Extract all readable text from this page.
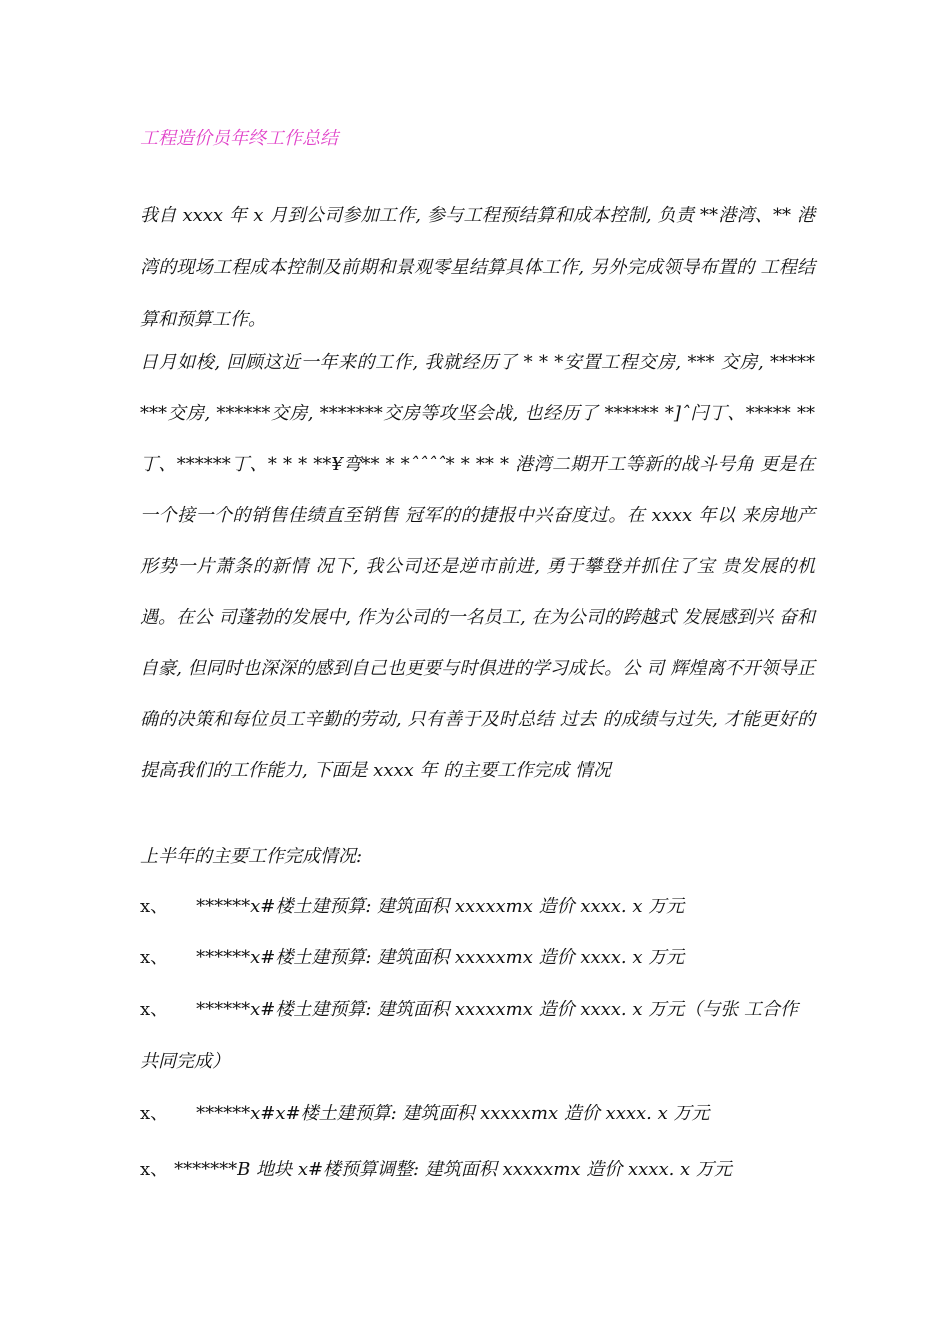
工程造价员年终工作总结
我自 xxxx 年 x 月到公司参加工作, 参与工程预结算和成本控制, 负责 **港湾、** 港湾的现场工程成本控制及前期和景观零星结算具体工作, 另外完成领导布置的 工程结算和预算工作。
日月如梭, 回顾这近一年来的工作, 我就经历了 * * *安置工程交房, *** 交房, ***** ***交房, ******交房, *******交房等攻坚会战, 也经历了 ****** *]ˆ闩丁、***** **丁、******丁、* * * **¥弯** * *ˆˆˆˆ* * ** * 港湾二期开工等新的战斗号角 更是在一个接一个的销售佳绩直至销售 冠军的的捷报中兴奋度过。在 xxxx 年以 来房地产形势一片萧条的新情 况下, 我公司还是逆市前进, 勇于攀登并抓住了宝 贵发展的机遇。在公 司蓬勃的发展中, 作为公司的一名员工, 在为公司的跨越式 发展感到兴 奋和自豪, 但同时也深深的感到自己也更要与时俱进的学习成长。公 司 辉煌离不开领导正确的决策和每位员工辛勤的劳动, 只有善于及时总结 过去 的成绩与过失, 才能更好的提高我们的工作能力, 下面是 xxxx 年 的主要工作完成 情况
上半年的主要工作完成情况:
x、 ******x#楼土建预算: 建筑面积 xxxxxmx 造价 xxxx. x 万元
x、 ******x#楼土建预算: 建筑面积 xxxxxmx 造价 xxxx. x 万元
x、 ******x#楼土建预算: 建筑面积 xxxxxmx 造价 xxxx. x 万元（与张 工合作
共同完成）
x、 ******x#x#楼土建预算: 建筑面积 xxxxxmx 造价 xxxx. x 万元
x、 *******B 地块 x#楼预算调整: 建筑面积 xxxxxmx 造价 xxxx. x 万元
